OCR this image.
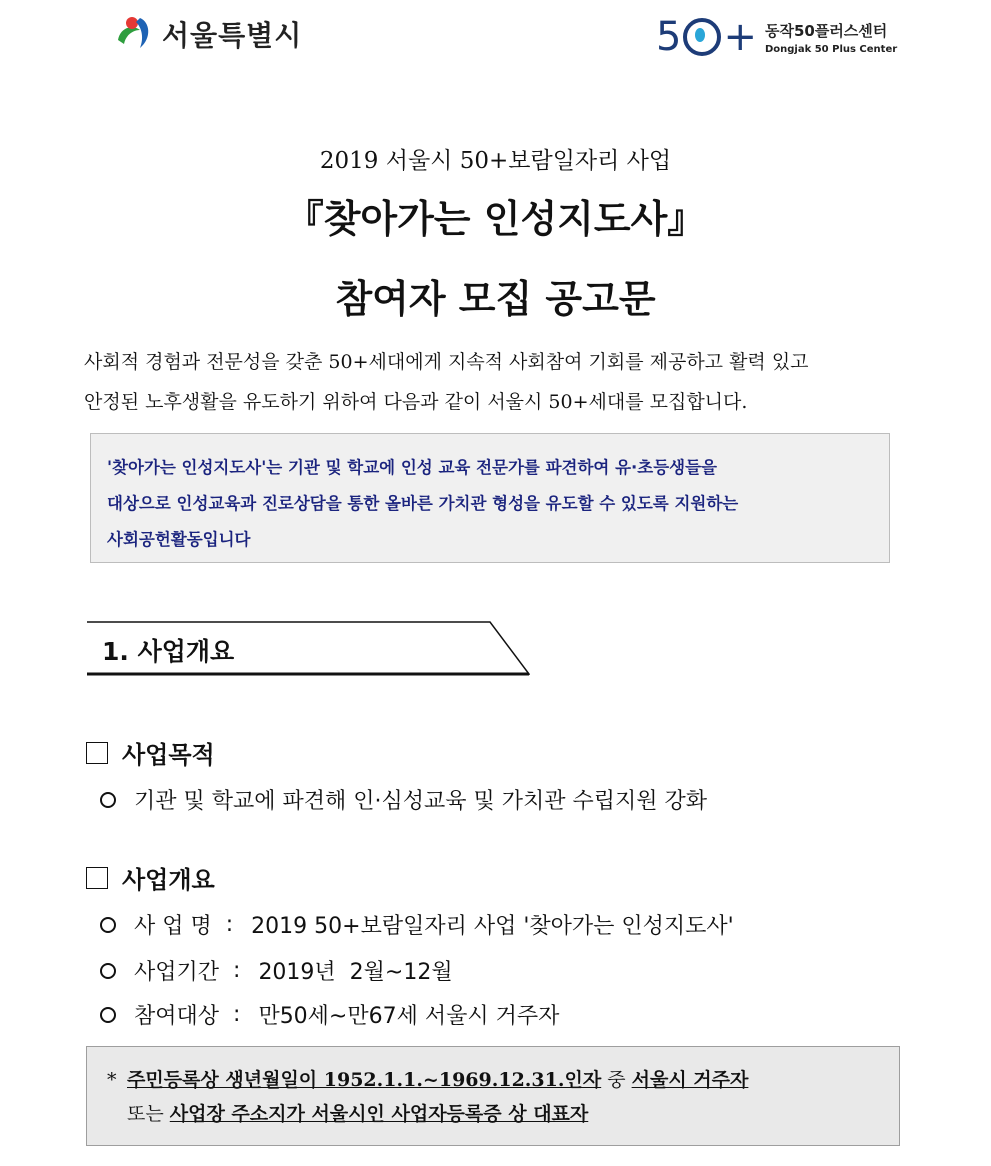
서울특별시	5 + 동작50플러스센터
Dongjak 50 Plus Center
2019 서울시 50+보람일자리 사업
『찾아가는 인성지도사』
참여자 모집 공고문
사회적 경험과 전문성을 갖춘 50+세대에게 지속적 사회참여 기회를 제공하고 활력 있고
안정된 노후생활을 유도하기 위하여 다음과 같이 서울시 50+세대를 모집합니다.
'찾아가는 인성지도사'는 기관 및 학교에 인성 교육 전문가를 파견하여 유·초등생들을
대상으로 인성교육과 진로상담을 통한 올바른 가치관 형성을 유도할 수 있도록 지원하는
사회공헌활동입니다
1. 사업개요
사업목적
기관 및 학교에 파견해 인·심성교육 및 가치관 수립지원 강화
사업개요
사 업 명 : 2019 50+보람일자리 사업 '찾아가는 인성지도사'
사업기간 : 2019년  2월~12월
참여대상 : 만50세~만67세 서울시 거주자
* 주민등록상 생년월일이 1952.1.1.~1969.12.31.인자 중 서울시 거주자
또는 사업장 주소지가 서울시인 사업자등록증 상 대표자
